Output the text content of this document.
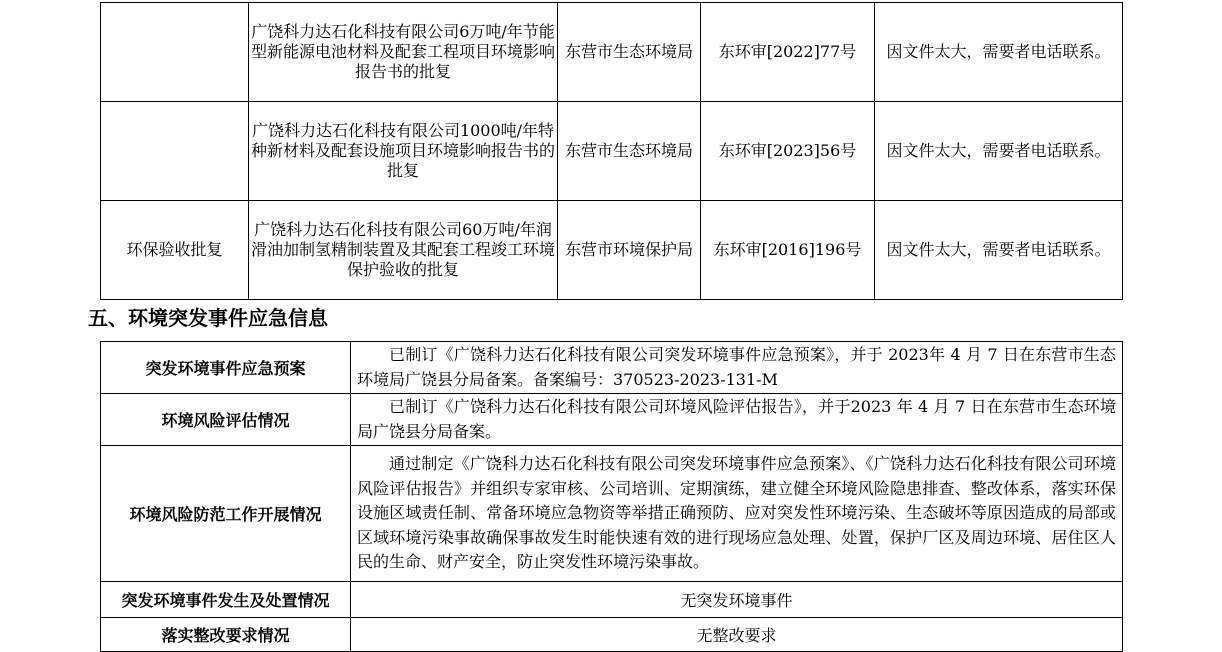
	广饶科力达石化科技有限公司6万吨/年节能型新能源电池材料及配套工程项目环境影响报告书的批复	东营市生态环境局	东环审[2022]77号	因文件太大，需要者电话联系。
	广饶科力达石化科技有限公司1000吨/年特种新材料及配套设施项目环境影响报告书的批复	东营市生态环境局	东环审[2023]56号	因文件太大，需要者电话联系。
环保验收批复	广饶科力达石化科技有限公司60万吨/年润滑油加制氢精制装置及其配套工程竣工环境保护验收的批复	东营市环境保护局	东环审[2016]196号	因文件太大，需要者电话联系。
五、环境突发事件应急信息
突发环境事件应急预案	已制订《广饶科力达石化科技有限公司突发环境事件应急预案》，并于 2023年 4 月 7 日在东营市生态环境局广饶县分局备案。备案编号：370523-2023-131-M
环境风险评估情况	已制订《广饶科力达石化科技有限公司环境风险评估报告》，并于2023 年 4 月 7 日在东营市生态环境局广饶县分局备案。
环境风险防范工作开展情况	通过制定《广饶科力达石化科技有限公司突发环境事件应急预案》、《广饶科力达石化科技有限公司环境风险评估报告》并组织专家审核、公司培训、定期演练，建立健全环境风险隐患排查、整改体系，落实环保设施区域责任制、常备环境应急物资等举措正确预防、应对突发性环境污染、生态破坏等原因造成的局部或区域环境污染事故确保事故发生时能快速有效的进行现场应急处理、处置，保护厂区及周边环境、居住区人民的生命、财产安全，防止突发性环境污染事故。
突发环境事件发生及处置情况	无突发环境事件
落实整改要求情况	无整改要求
